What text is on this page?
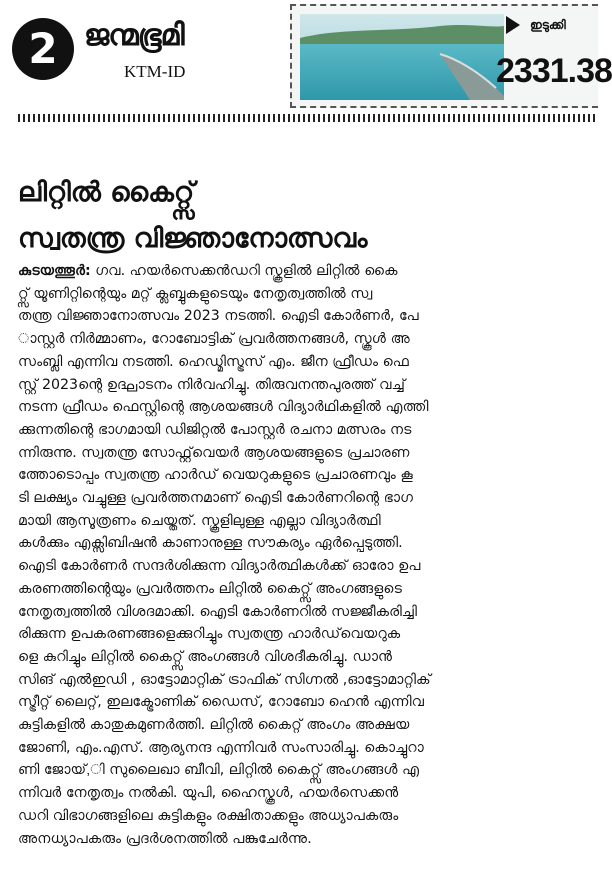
2 ജന്മഭൂമി
KTM-ID
ഇടുക്കി
2331.38
ലിറ്റിൽ കൈറ്റ്സ്
സ്വതന്ത്ര വിജ്ഞാനോത്സവം
കുടയത്തൂർ: ഗവ. ഹയർസെക്കൻഡറി സ്കൂളിൽ ലിറ്റിൽ കൈ
റ്റ്സ് യൂണിറ്റിന്റെയും മറ്റ് ക്ലബ്ബുകളുടെയും നേതൃത്വത്തിൽ സ്വ
തന്ത്ര വിജ്ഞാനോത്സവം 2023 നടത്തി. ഐടി കോർണർ, പേ
ാസ്റ്റർ നിർമ്മാണം, റോബോട്ടിക് പ്രവർത്തനങ്ങൾ, സ്കൂൾ അ
സംബ്ലി എന്നിവ നടത്തി. ഹെഡ്മിസ്ട്രസ് എം. ജീന ഫ്രീഡം ഫെ
സ്റ്റ് 2023ന്റെ ഉദ്ഘാടനം നിർവഹിച്ചു. തിരുവനന്തപുരത്ത് വച്ച്
നടന്ന ഫ്രീഡം ഫെസ്റ്റിന്റെ ആശയങ്ങൾ വിദ്യാർഥികളിൽ എത്തി
ക്കുന്നതിന്റെ ഭാഗമായി ഡിജിറ്റൽ പോസ്റ്റർ രചനാ മത്സരം നട
ന്നിരുന്നു. സ്വതന്ത്ര സോഫ്റ്റ്‌വെയർ ആശയങ്ങളുടെ പ്രചാരണ
ത്തോടൊപ്പം സ്വതന്ത്ര ഹാർഡ് വെയറുകളുടെ പ്രചാരണവും കൂ
ടി ലക്ഷ്യം വച്ചുള്ള പ്രവർത്തനമാണ് ഐടി കോർണറിന്റെ ഭാഗ
മായി ആസൂത്രണം ചെയ്തത്. സ്കൂളിലുള്ള എല്ലാ വിദ്യാർത്ഥി
കൾക്കും എക്സിബിഷൻ കാണാനുള്ള സൗകര്യം ഏർപ്പെടുത്തി.
ഐടി കോർണർ സന്ദർശിക്കുന്ന വിദ്യാർത്ഥികൾക്ക് ഓരോ ഉപ
കരണത്തിന്റെയും പ്രവർത്തനം ലിറ്റിൽ കൈറ്റ്സ് അംഗങ്ങളുടെ
നേതൃത്വത്തിൽ വിശദമാക്കി. ഐടി കോർണറിൽ സജ്ജീകരിച്ചി
രിക്കുന്ന ഉപകരണങ്ങളെക്കുറിച്ചും സ്വതന്ത്ര ഹാർഡ്‌വെയറുക
ളെ കുറിച്ചും ലിറ്റിൽ കൈറ്റ്സ് അംഗങ്ങൾ വിശദീകരിച്ചു. ഡാൻ
സിങ് എൽഇഡി , ഓട്ടോമാറ്റിക് ട്രാഫിക് സിഗ്നൽ ,ഓട്ടോമാറ്റിക്
സ്ട്രീറ്റ് ലൈറ്റ്, ഇലക്ട്രോണിക് ഡൈസ്, റോബോ ഹെൻ എന്നിവ
കുട്ടികളിൽ കാതുകമുണർത്തി. ലിറ്റിൽ കൈറ്റ് അംഗം അക്ഷയ
ജോണി, എം.എസ്. ആര്യനന്ദ എന്നിവർ സംസാരിച്ചു. കൊച്ചുറാ
ണി ജോയ്,ി സുലൈഖാ ബീവി, ലിറ്റിൽ കൈറ്റ്സ് അംഗങ്ങൾ എ
ന്നിവർ നേതൃത്വം നൽകി. യുപി, ഹൈസ്കൂൾ, ഹയർസെക്കൻ
ഡറി വിഭാഗങ്ങളിലെ കുട്ടികളും രക്ഷിതാക്കളും അധ്യാപകരും
അനധ്യാപകരും പ്രദർശനത്തിൽ പങ്കുചേർന്നു.
